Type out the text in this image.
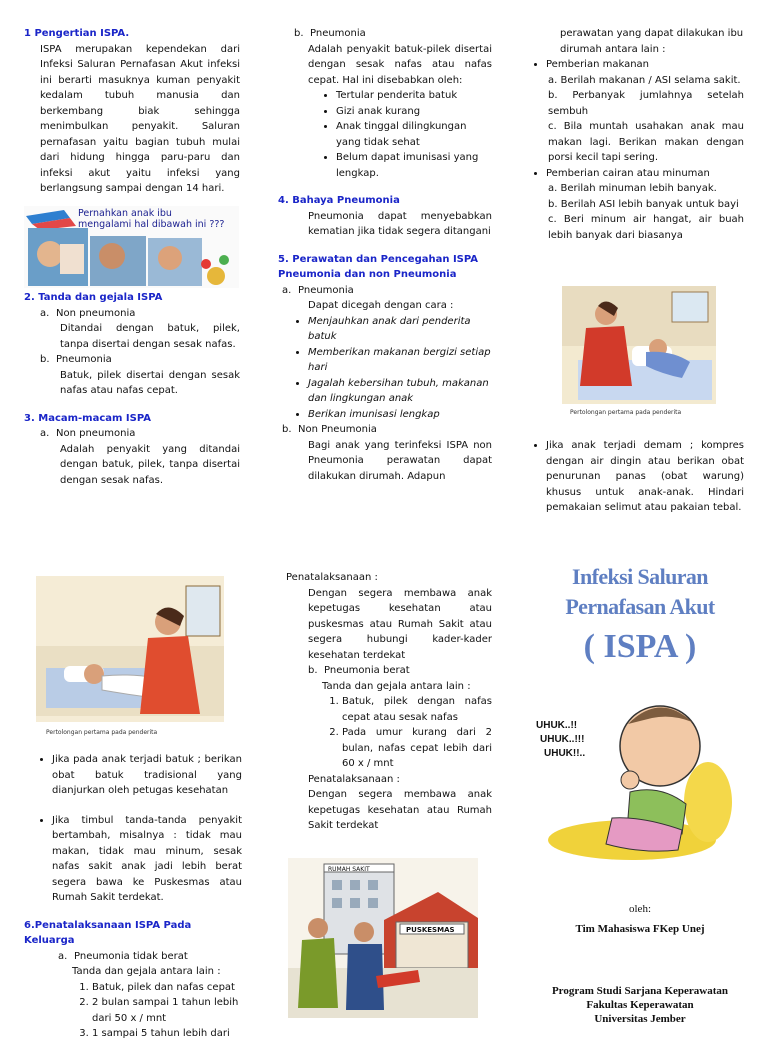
1 Pengertian ISPA.
ISPA merupakan kependekan dari Infeksi Saluran Pernafasan Akut infeksi ini berarti masuknya kuman penyakit kedalam tubuh manusia dan berkembang biak sehingga menimbulkan penyakit. Saluran pernafasan yaitu bagian tubuh mulai dari hidung hingga paru-paru dan infeksi akut yaitu infeksi yang berlangsung sampai dengan 14 hari.
Pernahkan anak ibu mengalami hal dibawah ini ???
2. Tanda dan gejala ISPA
a. Non pneumonia
Ditandai dengan batuk, pilek, tanpa disertai dengan sesak nafas.
b. Pneumonia
Batuk, pilek disertai dengan sesak nafas atau nafas cepat.
3. Macam-macam ISPA
a. Non pneumonia
Adalah penyakit yang ditandai dengan batuk, pilek, tanpa disertai dengan sesak nafas.
b. Pneumonia
Adalah penyakit batuk-pilek disertai dengan sesak nafas atau nafas cepat. Hal ini disebabkan oleh:
• Tertular penderita batuk
• Gizi anak kurang
• Anak tinggal dilingkungan yang tidak sehat
• Belum dapat imunisasi yang lengkap.
4. Bahaya Pneumonia
Pneumonia dapat menyebabkan kematian jika tidak segera ditangani
5. Perawatan dan Pencegahan ISPA Pneumonia dan non Pneumonia
a. Pneumonia
Dapat dicegah dengan cara :
• Menjauhkan anak dari penderita batuk
• Memberikan makanan bergizi setiap hari
• Jagalah kebersihan tubuh, makanan dan lingkungan anak
• Berikan imunisasi lengkap
b. Non Pneumonia
Bagi anak yang terinfeksi ISPA non Pneumonia perawatan dapat dilakukan dirumah. Adapun
perawatan yang dapat dilakukan ibu dirumah antara lain :
• Pemberian makanan
a. Berilah makanan / ASI selama sakit.
b. Perbanyak jumlahnya setelah sembuh
c. Bila muntah usahakan anak mau makan lagi. Berikan makan dengan porsi kecil tapi sering.
• Pemberian cairan atau minuman
a. Berilah minuman lebih banyak.
b. Berilah ASI lebih banyak untuk bayi
c. Beri minum air hangat, air buah lebih banyak dari biasanya
Pertolongan pertama pada penderita
• Jika anak terjadi demam ; kompres dengan air dingin atau berikan obat penurunan panas (obat warung) khusus untuk anak-anak. Hindari pemakaian selimut atau pakaian tebal.
Pertolongan pertama pada penderita
• Jika pada anak terjadi batuk ; berikan obat batuk tradisional yang dianjurkan oleh petugas kesehatan
• Jika timbul tanda-tanda penyakit bertambah, misalnya : tidak mau makan, tidak mau minum, sesak nafas sakit anak jadi lebih berat segera bawa ke Puskesmas atau Rumah Sakit terdekat.
6.Penatalaksanaan ISPA Pada Keluarga
a. Pneumonia tidak berat
Tanda dan gejala antara lain :
1. Batuk, pilek dan nafas cepat
2. 2 bulan sampai 1 tahun lebih dari 50 x / mnt
3. 1 sampai 5 tahun lebih dari
Penatalaksanaan :
Dengan segera membawa anak kepetugas kesehatan atau puskesmas atau Rumah Sakit atau segera hubungi kader-kader kesehatan terdekat
b. Pneumonia berat
Tanda dan gejala antara lain :
1. Batuk, pilek dengan nafas cepat atau sesak nafas
2. Pada umur kurang dari 2 bulan, nafas cepat lebih dari 60 x / mnt
Penatalaksanaan :
Dengan segera membawa anak kepetugas kesehatan atau Rumah Sakit terdekat
RUMAH SAKIT
PUSKESMAS
Infeksi Saluran Pernafasan Akut
( ISPA )
UHUK..!!
UHUK..!!!
UHUK!!..
oleh:
Tim Mahasiswa FKep Unej
Program Studi Sarjana Keperawatan
Fakultas Keperawatan
Universitas Jember
